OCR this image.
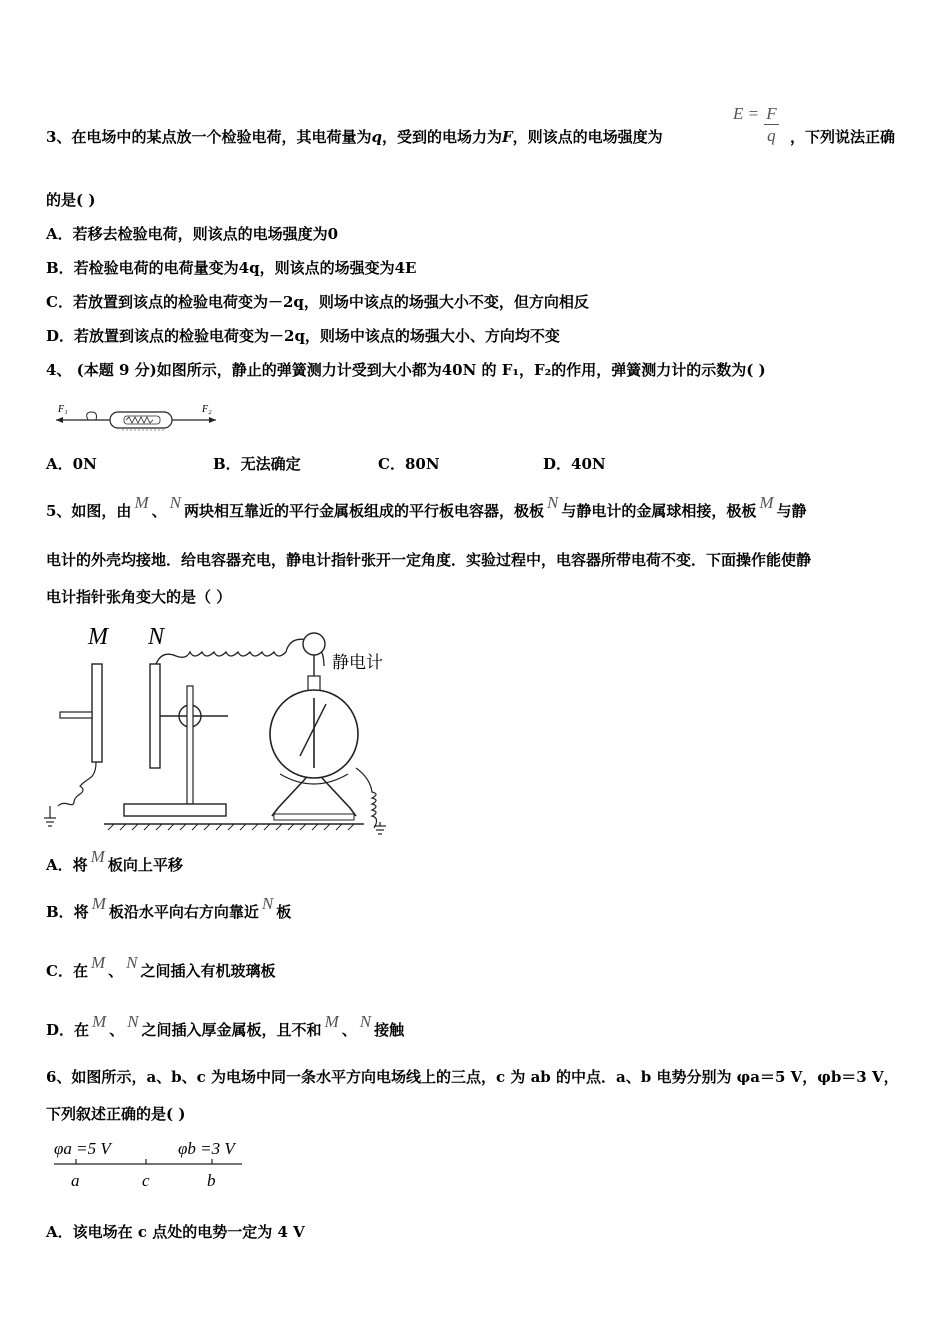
3、在电场中的某点放一个检验电荷，其电荷量为q，受到的电场力为F，则该点的电场强度为
$E = \frac{F}{q}$ ，下列说法正确
的是( )
A．若移去检验电荷，则该点的电场强度为0
B．若检验电荷的电荷量变为4q，则该点的场强变为4E
C．若放置到该点的检验电荷变为－2q，则场中该点的场强大小不变，但方向相反
D．若放置到该点的检验电荷变为－2q，则场中该点的场强大小、方向均不变
4、 (本题 9 分)如图所示，静止的弹簧测力计受到大小都为40N 的 F₁，F₂的作用，弹簧测力计的示数为( )
F₁	F₂
A．0N	B．无法确定	C．80N	D．40N
5、如图，由 M 、 N 两块相互靠近的平行金属板组成的平行板电容器，极板 N 与静电计的金属球相接，极板 M 与静
电计的外壳均接地．给电容器充电，静电计指针张开一定角度．实验过程中，电容器所带电荷不变．下面操作能使静
电计指针张角变大的是（ ）
M N
静电计
A．将 M 板向上平移
B．将 M 板沿水平向右方向靠近 N 板
C．在 M 、 N 之间插入有机玻璃板
D．在 M 、 N 之间插入厚金属板，且不和 M 、 N 接触
6、如图所示，a、b、c 为电场中同一条水平方向电场线上的三点，c 为 ab 的中点．a、b 电势分别为 φa＝5 V，φb＝3 V，
下列叙述正确的是( )
φa =5 V	φb =3 V
a	c	b
A．该电场在 c 点处的电势一定为 4 V
